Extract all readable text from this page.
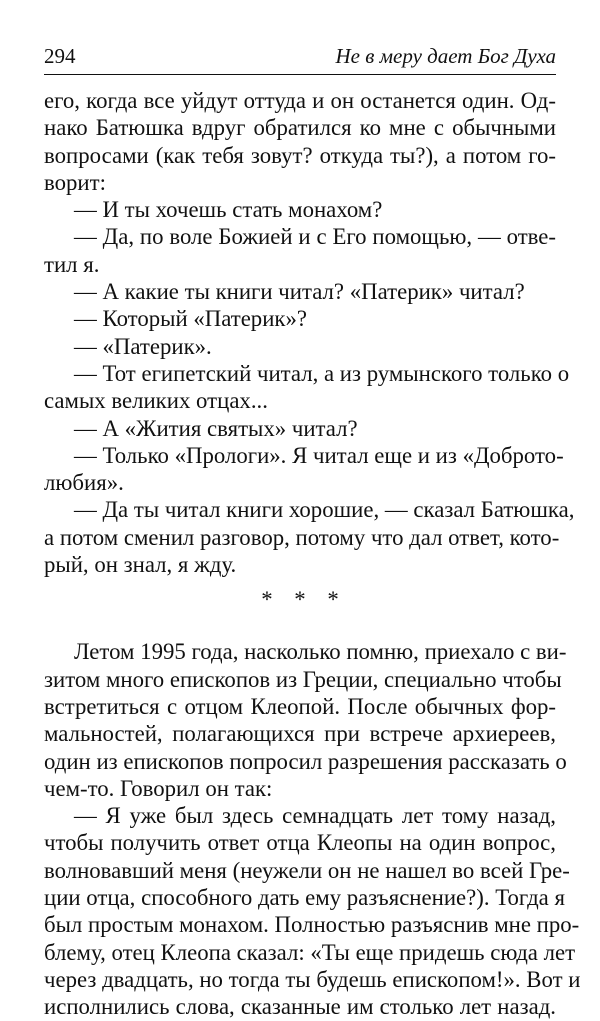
294	Не в меру дает Бог Духа
его, когда все уйдут оттуда и он останется один. Од-
нако Батюшка вдруг обратился ко мне с обычными
вопросами (как тебя зовут? откуда ты?), а потом го-
ворит:
— И ты хочешь стать монахом?
— Да, по воле Божией и с Его помощью, — отве-
тил я.
— А какие ты книги читал? «Патерик» читал?
— Который «Патерик»?
— «Патерик».
— Тот египетский читал, а из румынского только о
самых великих отцах...
— А «Жития святых» читал?
— Только «Прологи». Я читал еще и из «Доброто-
любия».
— Да ты читал книги хорошие, — сказал Батюшка,
а потом сменил разговор, потому что дал ответ, кото-
рый, он знал, я жду.
* * *
Летом 1995 года, насколько помню, приехало с ви-
зитом много епископов из Греции, специально чтобы
встретиться с отцом Клеопой. После обычных фор-
мальностей, полагающихся при встрече архиереев,
один из епископов попросил разрешения рассказать о
чем-то. Говорил он так:
— Я уже был здесь семнадцать лет тому назад,
чтобы получить ответ отца Клеопы на один вопрос,
волновавший меня (неужели он не нашел во всей Гре-
ции отца, способного дать ему разъяснение?). Тогда я
был простым монахом. Полностью разъяснив мне про-
блему, отец Клеопа сказал: «Ты еще придешь сюда лет
через двадцать, но тогда ты будешь епископом!». Вот и
исполнились слова, сказанные им столько лет назад.
